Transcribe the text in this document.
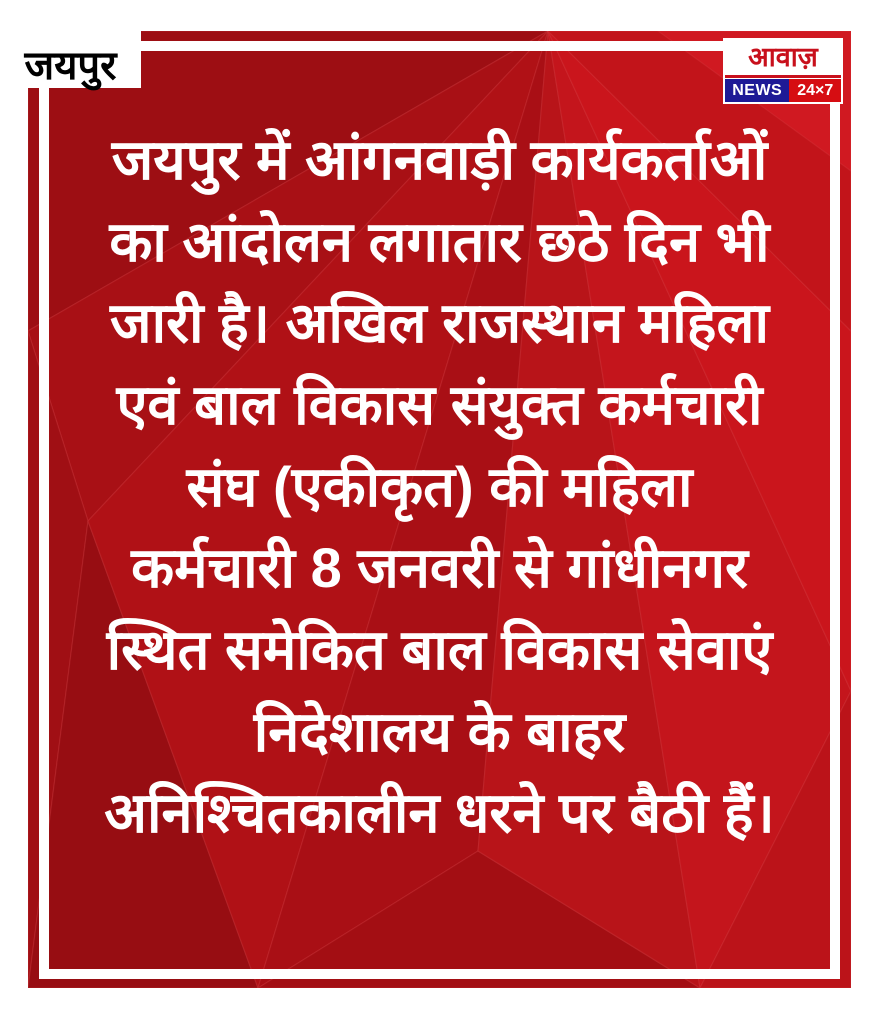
जयपुर में आंगनवाड़ी कार्यकर्ताओं
का आंदोलन लगातार छठे दिन भी
जारी है। अखिल राजस्थान महिला
एवं बाल विकास संयुक्त कर्मचारी
संघ (एकीकृत) की महिला
कर्मचारी 8 जनवरी से गांधीनगर
स्थित समेकित बाल विकास सेवाएं
निदेशालय के बाहर
अनिश्चितकालीन धरने पर बैठी हैं।
जयपुर	आवाज़
NEWS 24×7
